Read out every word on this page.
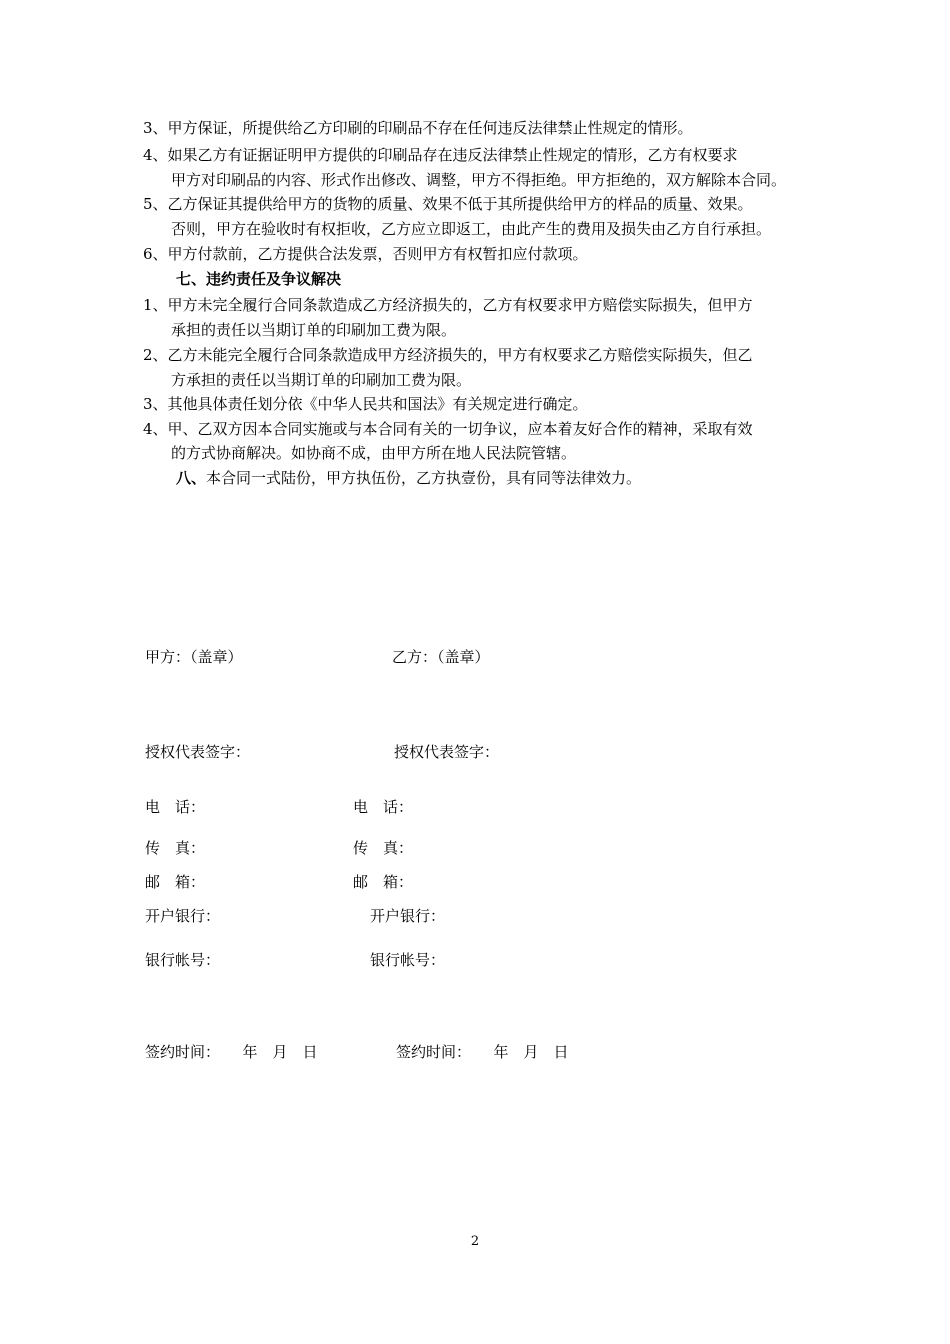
3、甲方保证，所提供给乙方印刷的印刷品不存在任何违反法律禁止性规定的情形。
4、如果乙方有证据证明甲方提供的印刷品存在违反法律禁止性规定的情形，乙方有权要求
甲方对印刷品的内容、形式作出修改、调整，甲方不得拒绝。甲方拒绝的，双方解除本合同。
5、乙方保证其提供给甲方的货物的质量、效果不低于其所提供给甲方的样品的质量、效果。
否则，甲方在验收时有权拒收，乙方应立即返工，由此产生的费用及损失由乙方自行承担。
6、甲方付款前，乙方提供合法发票，否则甲方有权暂扣应付款项。
七、违约责任及争议解决
1、甲方未完全履行合同条款造成乙方经济损失的，乙方有权要求甲方赔偿实际损失，但甲方
承担的责任以当期订单的印刷加工费为限。
2、乙方未能完全履行合同条款造成甲方经济损失的，甲方有权要求乙方赔偿实际损失，但乙
方承担的责任以当期订单的印刷加工费为限。
3、其他具体责任划分依《中华人民共和国法》有关规定进行确定。
4、甲、乙双方因本合同实施或与本合同有关的一切争议，应本着友好合作的精神，采取有效
的方式协商解决。如协商不成，由甲方所在地人民法院管辖。
八、本合同一式陆份，甲方执伍份，乙方执壹份，具有同等法律效力。
甲方：（盖章）	乙方：（盖章）
授权代表签字：	授权代表签字：
电　话：	电　话：
传　真：	传　真：
邮　箱：	邮　箱：
开户银行：	开户银行：
银行帐号：	银行帐号：
签约时间：　　年　月　日	签约时间：　　年　月　日
2
